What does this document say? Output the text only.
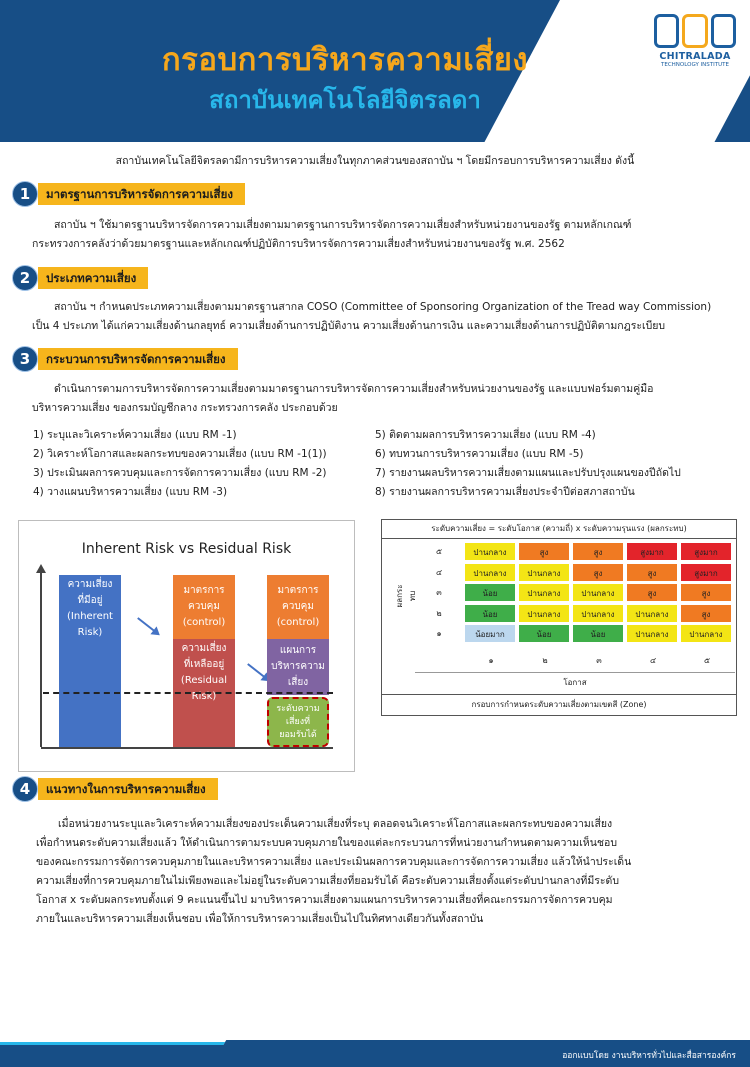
กรอบการบริหารความเสี่ยง
สถาบันเทคโนโลยีจิตรลดา
CHITRALADA
TECHNOLOGY INSTITUTE
สถาบันเทคโนโลยีจิตรลดามีการบริหารความเสี่ยงในทุกภาคส่วนของสถาบัน ฯ โดยมีกรอบการบริหารความเสี่ยง ดังนี้
1	มาตรฐานการบริหารจัดการความเสี่ยง
สถาบัน ฯ ใช้มาตรฐานบริหารจัดการความเสี่ยงตามมาตรฐานการบริหารจัดการความเสี่ยงสำหรับหน่วยงานของรัฐ ตามหลักเกณฑ์
กระทรวงการคลังว่าด้วยมาตรฐานและหลักเกณฑ์ปฏิบัติการบริหารจัดการความเสี่ยงสำหรับหน่วยงานของรัฐ พ.ศ. 2562
2	ประเภทความเสี่ยง
สถาบัน ฯ กำหนดประเภทความเสี่ยงตามมาตรฐานสากล COSO (Committee of Sponsoring Organization of the Tread way Commission)
เป็น 4 ประเภท ได้แก่ความเสี่ยงด้านกลยุทธ์ ความเสี่ยงด้านการปฏิบัติงาน ความเสี่ยงด้านการเงิน และความเสี่ยงด้านการปฏิบัติตามกฎระเบียบ
3	กระบวนการบริหารจัดการความเสี่ยง
ดำเนินการตามการบริหารจัดการความเสี่ยงตามมาตรฐานการบริหารจัดการความเสี่ยงสำหรับหน่วยงานของรัฐ และแบบฟอร์มตามคู่มือ
บริหารความเสี่ยง ของกรมบัญชีกลาง กระทรวงการคลัง ประกอบด้วย
1) ระบุและวิเคราะห์ความเสี่ยง (แบบ RM -1)
2) วิเคราะห์โอกาสและผลกระทบของความเสี่ยง (แบบ RM -1(1))
3) ประเมินผลการควบคุมและการจัดการความเสี่ยง (แบบ RM -2)
4) วางแผนบริหารความเสี่ยง (แบบ RM -3)
5) ติดตามผลการบริหารความเสี่ยง (แบบ RM -4)
6) ทบทวนการบริหารความเสี่ยง (แบบ RM -5)
7) รายงานผลบริหารความเสี่ยงตามแผนและปรับปรุงแผนของปีถัดไป
8) รายงานผลการบริหารความเสี่ยงประจำปีต่อสภาสถาบัน
Inherent Risk vs Residual Risk
ความเสี่ยง
ที่มีอยู่
(Inherent
Risk)
มาตรการ
ควบคุม
(control)
ความเสี่ยง
ที่เหลืออยู่
(Residual
Risk)
มาตรการ
ควบคุม
(control)
แผนการ
บริหารความ
เสี่ยง
ระดับความ
เสี่ยงที่
ยอมรับได้
ระดับความเสี่ยง = ระดับโอกาส (ความถี่) x ระดับความรุนแรง (ผลกระทบ)
ผลกระทบ
โอกาส
กรอบการกำหนดระดับความเสี่ยงตามเขตสี (Zone)
๕
๔
๓
๒
๑
๑	๒	๓	๔	๕
ปานกลาง	สูง	สูง	สูงมาก	สูงมาก
ปานกลาง	ปานกลาง	สูง	สูง	สูงมาก
น้อย	ปานกลาง	ปานกลาง	สูง	สูง
น้อย	ปานกลาง	ปานกลาง	ปานกลาง	สูง
น้อยมาก	น้อย	น้อย	ปานกลาง	ปานกลาง
4	แนวทางในการบริหารความเสี่ยง
เมื่อหน่วยงานระบุและวิเคราะห์ความเสี่ยงของประเด็นความเสี่ยงที่ระบุ ตลอดจนวิเคราะห์โอกาสและผลกระทบของความเสี่ยง
เพื่อกำหนดระดับความเสี่ยงแล้ว ให้ดำเนินการตามระบบควบคุมภายในของแต่ละกระบวนการที่หน่วยงานกำหนดตามความเห็นชอบ
ของคณะกรรมการจัดการควบคุมภายในและบริหารความเสี่ยง และประเมินผลการควบคุมและการจัดการความเสี่ยง แล้วให้นำประเด็น
ความเสี่ยงที่การควบคุมภายในไม่เพียงพอและไม่อยู่ในระดับความเสี่ยงที่ยอมรับได้ คือระดับความเสี่ยงตั้งแต่ระดับปานกลางที่มีระดับ
โอกาส x ระดับผลกระทบตั้งแต่ 9 คะแนนขึ้นไป มาบริหารความเสี่ยงตามแผนการบริหารความเสี่ยงที่คณะกรรมการจัดการควบคุม
ภายในและบริหารความเสี่ยงเห็นชอบ เพื่อให้การบริหารความเสี่ยงเป็นไปในทิศทางเดียวกันทั้งสถาบัน
ออกแบบโดย งานบริหารทั่วไปและสื่อสารองค์กร
